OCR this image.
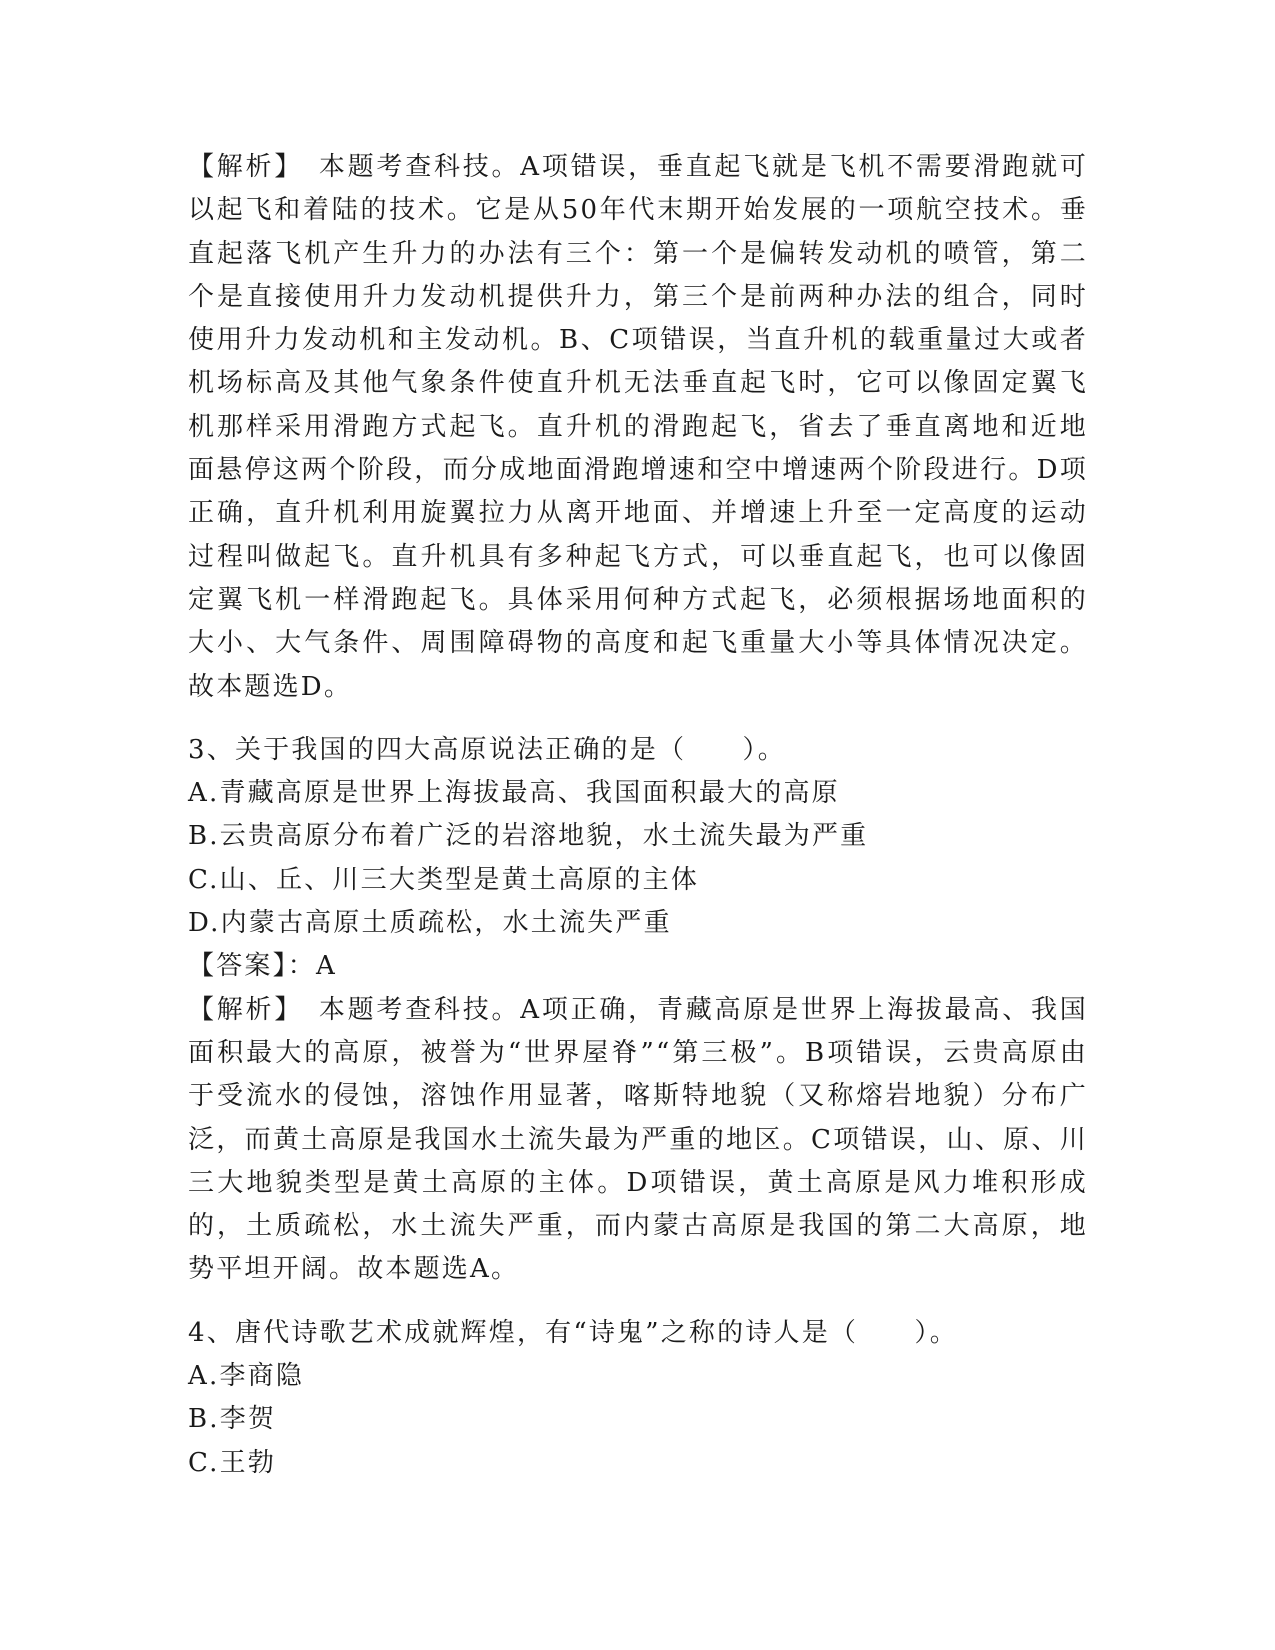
【解析】　本题考查科技。A项错误，垂直起飞就是飞机不需要滑跑就可以起飞和着陆的技术。它是从50年代末期开始发展的一项航空技术。垂直起落飞机产生升力的办法有三个：第一个是偏转发动机的喷管，第二个是直接使用升力发动机提供升力，第三个是前两种办法的组合，同时使用升力发动机和主发动机。B、C项错误，当直升机的载重量过大或者机场标高及其他气象条件使直升机无法垂直起飞时，它可以像固定翼飞机那样采用滑跑方式起飞。直升机的滑跑起飞，省去了垂直离地和近地面悬停这两个阶段，而分成地面滑跑增速和空中增速两个阶段进行。D项正确，直升机利用旋翼拉力从离开地面、并增速上升至一定高度的运动过程叫做起飞。直升机具有多种起飞方式，可以垂直起飞，也可以像固定翼飞机一样滑跑起飞。具体采用何种方式起飞，必须根据场地面积的大小、大气条件、周围障碍物的高度和起飞重量大小等具体情况决定。故本题选D。

3、关于我国的四大高原说法正确的是（　　）。

A.青藏高原是世界上海拔最高、我国面积最大的高原

B.云贵高原分布着广泛的岩溶地貌，水土流失最为严重

C.山、丘、川三大类型是黄土高原的主体

D.内蒙古高原土质疏松，水土流失严重

【答案】：A

【解析】　本题考查科技。A项正确，青藏高原是世界上海拔最高、我国面积最大的高原，被誉为“世界屋脊”“第三极”。B项错误，云贵高原由于受流水的侵蚀，溶蚀作用显著，喀斯特地貌（又称熔岩地貌）分布广泛，而黄土高原是我国水土流失最为严重的地区。C项错误，山、原、川三大地貌类型是黄土高原的主体。D项错误，黄土高原是风力堆积形成的，土质疏松，水土流失严重，而内蒙古高原是我国的第二大高原，地势平坦开阔。故本题选A。

4、唐代诗歌艺术成就辉煌，有“诗鬼”之称的诗人是（　　）。

A.李商隐

B.李贺

C.王勃
